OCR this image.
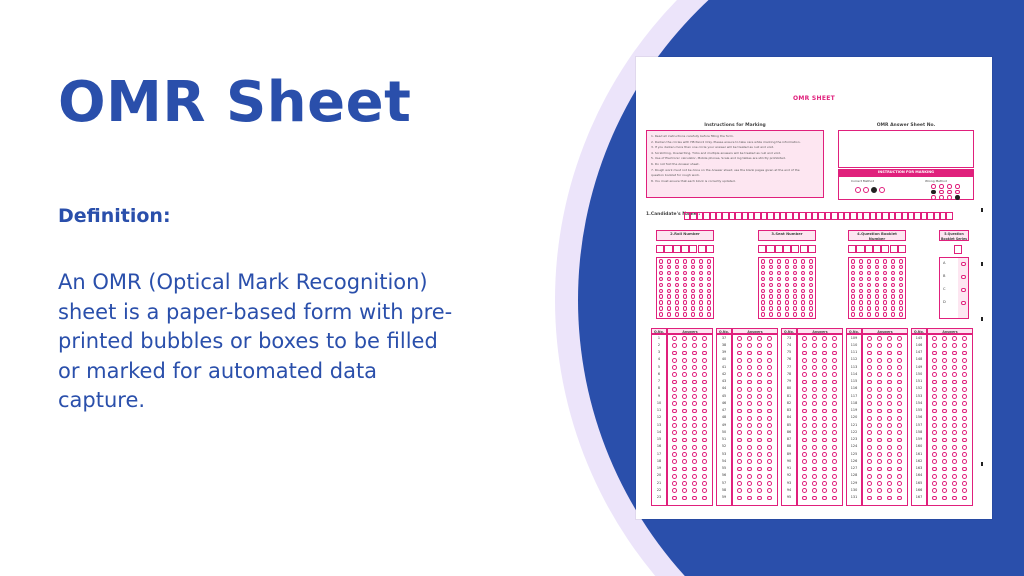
OMR Sheet
Definition:

An OMR (Optical Mark Recognition) sheet is a paper-based form with pre-printed bubbles or boxes to be filled or marked for automated data capture.

OMR SHEET
Instructions for Marking
1. Read all instructions carefully before filling the form.
2. Darken the circles with HB Pencil Only. Please ensure to take care while marking the information.
3. If you darken more than one circle your answer will be treated as null and void.
4. Scratching, Overwriting, Ticks and multiple answers will be treated as null and void.
5. Use of Electronic calculator, Mobile phones, Scale and log tables are strictly prohibited.
6. Do not fold the Answer sheet.
7. Rough work must not be done on the Answer sheet; use the blank pages given at the end of the
question booklet for rough work.
8. You must ensure that each block is correctly updated.
OMR Answer Sheet No.
INSTRUCTION FOR MARKING
Correct Method	Wrong Method
1.Candidate's Name :
2.Roll Number	3.Seat Number	4.Question Booklet Number
5.Question Booklet Series
A
B
C
D
Q.No.	Answers
1
2
3
4
5
6
7
8
9
10
11
12
13
14
15
16
17
18
19
20
21
22
23
Q.No.	Answers
37
38
39
40
41
42
43
44
45
46
47
48
49
50
51
52
53
54
55
56
57
58
59
Q.No.	Answers
73
74
75
76
77
78
79
80
81
82
83
84
85
86
87
88
89
90
91
92
93
94
95
Q.No.	Answers
109
110
111
112
113
114
115
116
117
118
119
120
121
122
123
124
125
126
127
128
129
130
131
Q.No.	Answers
145
146
147
148
149
150
151
152
153
154
155
156
157
158
159
160
161
162
163
164
165
166
167
